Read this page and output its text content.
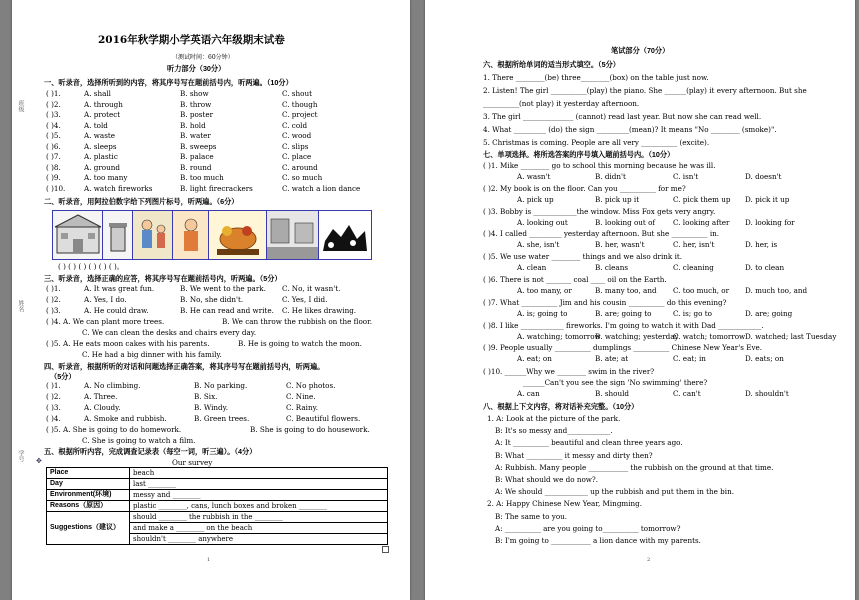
班级
姓名
学号
2016年秋学期小学英语六年级期末试卷
（测试时间：60分钟）
听力部分（30分）
一、听录音，选择所听到的内容，将其序号写在题前括号内，听两遍。（10分）
二、听录音，用阿拉伯数字给下列图片标号，听两遍。（6分）
( ) ( ) ( ) ( ) ( ) ( )。
三、听录音，选择正确的应答，将其序号写在题前括号内，听两遍。（5分）
( )4. A. We can plant more trees.	B. We can throw the rubbish on the floor.
C. We can clean the desks and chairs every day.
( )5. A. He eats moon cakes with his parents.	B. He is going to watch the moon.
C. He had a big dinner with his family.
四、听录音，根据所听的对话和问题选择正确答案，将其序号写在题前括号内，听两遍。
（5分）
( )5. A. She is going to do homework.	B. She is going to do housework.
C. She is going to watch a film.
五、根据所听内容，完成调查记录表（每空一词，听三遍）。（4分）
✥	Our survey
Place	beach
Day	last ________
Environment(环境)	messy and ________
Reasons（原因）	plastic ________, cans, lunch boxes and broken ________
Suggestions（建议）	should ________ the rubbish in the ________
	and make a ________ on the beach
	shouldn't ________ anywhere
1
( )1.	A. shall	B. show	C. shout
( )2.	A. through	B. throw	C. though
( )3.	A. protect	B. poster	C. project
( )4.	A. told	B. hold	C. cold
( )5.	A. waste	B. water	C. wood
( )6.	A. sleeps	B. sweeps	C. slips
( )7.	A. plastic	B. palace	C. place
( )8.	A. ground	B. round	C. around
( )9.	A. too many	B. too much	C. so much
( )10.	A. watch fireworks	B. light firecrackers	C. watch a lion dance
( )1.	A. It was great fun.	B. We went to the park. C. No, it wasn't.
( )2.	A. Yes, I do.	B. No, she didn't.	C. Yes, I did.
( )3.	A. He could draw.	B. He can read and write. C. He likes drawing.
( )1.	A. No climbing.	B. No parking.	C. No photos.
( )2.	A. Three.	B. Six.	C. Nine.
( )3.	A. Cloudy.	B. Windy.	C. Rainy.
( )4.	A. Smoke and rubbish.	B. Green trees.	C. Beautiful flowers.
笔试部分（70分）
六、根据所给单词的适当形式填空。（5分）
1. There ________(be) three________(box) on the table just now.
2. Listen! The girl __________(play) the piano. She ______(play) it every afternoon. But she
__________(not play) it yesterday afternoon.
3. The girl ______________ (cannot) read last year. But now she can read well.
4. What _________ (do) the sign _________(mean)? It means "No ________ (smoke)".
5. Christmas is coming. People are all very __________ (excite).
七、单项选择。将所选答案的序号填入题前括号内。（10分）
( )10. ______Why we ________ swim in the river?
______Can't you see the sign 'No swimming' there?
A. can	B. should	C. can't	D. shouldn't
八、根据上下文内容，将对话补充完整。（10分）
2
( )1. Mike ________ go to school this morning because he was ill.
A. wasn't	B. didn't	C. isn't	D. doesn't
( )2. My book is on the floor. Can you __________ for me?
A. pick up	B. pick up it	C. pick them up D. pick it up
( )3. Bobby is ____________the window. Miss Fox gets very angry.
A. looking out	B. looking out of C. looking after D. looking for
( )4. I called _________ yesterday afternoon. But she __________ in.
A. she, isn't	B. her, wasn't	C. her, isn't	D. her, is
( )5. We use water ________ things and we also drink it.
A. clean	B. cleans	C. cleaning	D. to clean
( )6. There is not _______ coal ____ oil on the Earth.
A. too many, or	B. many too, and C. too much, or D. much too, and
( )7. What __________ Jim and his cousin __________ do this evening?
A. is; going to	B. are; going to	C. is; go to	D. are; going
( )8. I like ____________ fireworks. I'm going to watch it with Dad ____________.
A. watching; tomorrow
B. watching; yesterday
C. watch; tomorrow D. watched; last Tuesday
( )9. People usually __________ dumplings __________ Chinese New Year's Eve.
A. eat; on	B. ate; at	C. eat; in	D. eats; on
1. A: Look at the picture of the park.
B: It's so messy and____________.
A: It __________ beautiful and clean three years ago.
B: What __________ it messy and dirty then?
A: Rubbish. Many people ___________ the rubbish on the ground at that time.
B: What should we do now?.
A: We should ____________ up the rubbish and put them in the bin.
2. A: Happy Chinese New Year, Mingming.
B: The same to you.
A: __________ are you going to__________ tomorrow?
B: I'm going to ___________ a lion dance with my parents.
